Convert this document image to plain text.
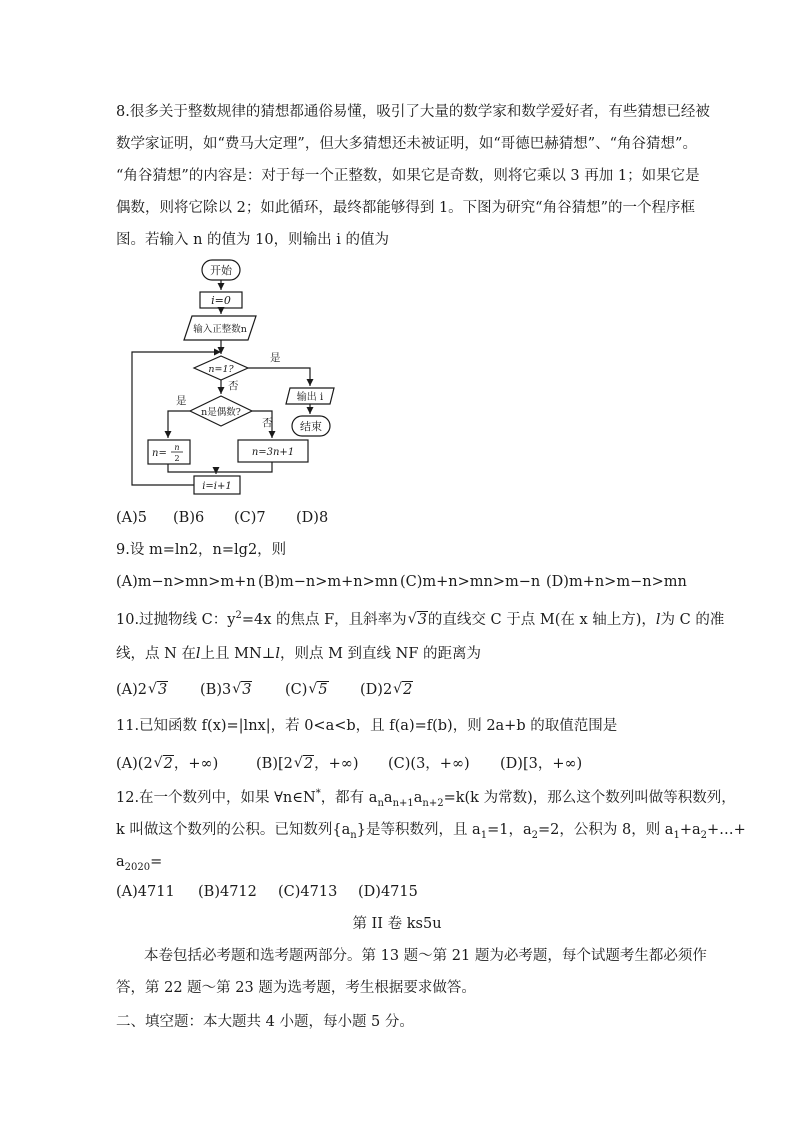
8.很多关于整数规律的猜想都通俗易懂，吸引了大量的数学家和数学爱好者，有些猜想已经被
数学家证明，如“费马大定理”，但大多猜想还未被证明，如“哥德巴赫猜想”、“角谷猜想”。
“角谷猜想”的内容是：对于每一个正整数，如果它是奇数，则将它乘以 3 再加 1；如果它是
偶数，则将它除以 2；如此循环，最终都能够得到 1。下图为研究“角谷猜想”的一个程序框
图。若输入 n 的值为 10，则输出 i 的值为
开始
i=0
输入正整数n
n=1?
是
否
n是偶数?
是
否
n=
n
2
n=3n+1
i=i+1
输出 i
结束
(A)5 (B)6 (C)7 (D)8
9.设 m=ln2，n=lg2，则
(A)m−n>mn>m+n (B)m−n>m+n>mn (C)m+n>mn>m−n (D)m+n>m−n>mn
10.过抛物线 C：$y^2=4x$ 的焦点 F，且斜率为 √ 3的直线交 C 于点 M(在 x 轴上方)，l为 C 的准
线，点 N 在l上且 MN⊥l，则点 M 到直线 NF 的距离为
(A)2 √ 3 (B)3 √ 3 (C) √ 5 (D)2 √ 2
11.已知函数 f(x)=|lnx|，若 0<a<b，且 f(a)=f(b)，则 2a+b 的取值范围是
(A)(2 √ 2，+∞)	(B)[2 √ 2，+∞) (C)(3，+∞) (D)[3，+∞)
12.在一个数列中，如果 ∀n∈N*，都有 $a_na_{n+1}a_{n+2}=k(k$ 为常数)，那么这个数列叫做等积数列，
k 叫做这个数列的公积。已知数列$\{a_n\}$是等积数列，且 $a_1=1$，$a_2=2$，公积为 8，则 $a_1+a_2+\dots+$
$a_{2020}=$
(A)4711 (B)4712 (C)4713 (D)4715
第 II 卷 ks5u
本卷包括必考题和选考题两部分。第 13 题～第 21 题为必考题，每个试题考生都必须作
答，第 22 题～第 23 题为选考题，考生根据要求做答。
二、填空题：本大题共 4 小题，每小题 5 分。
